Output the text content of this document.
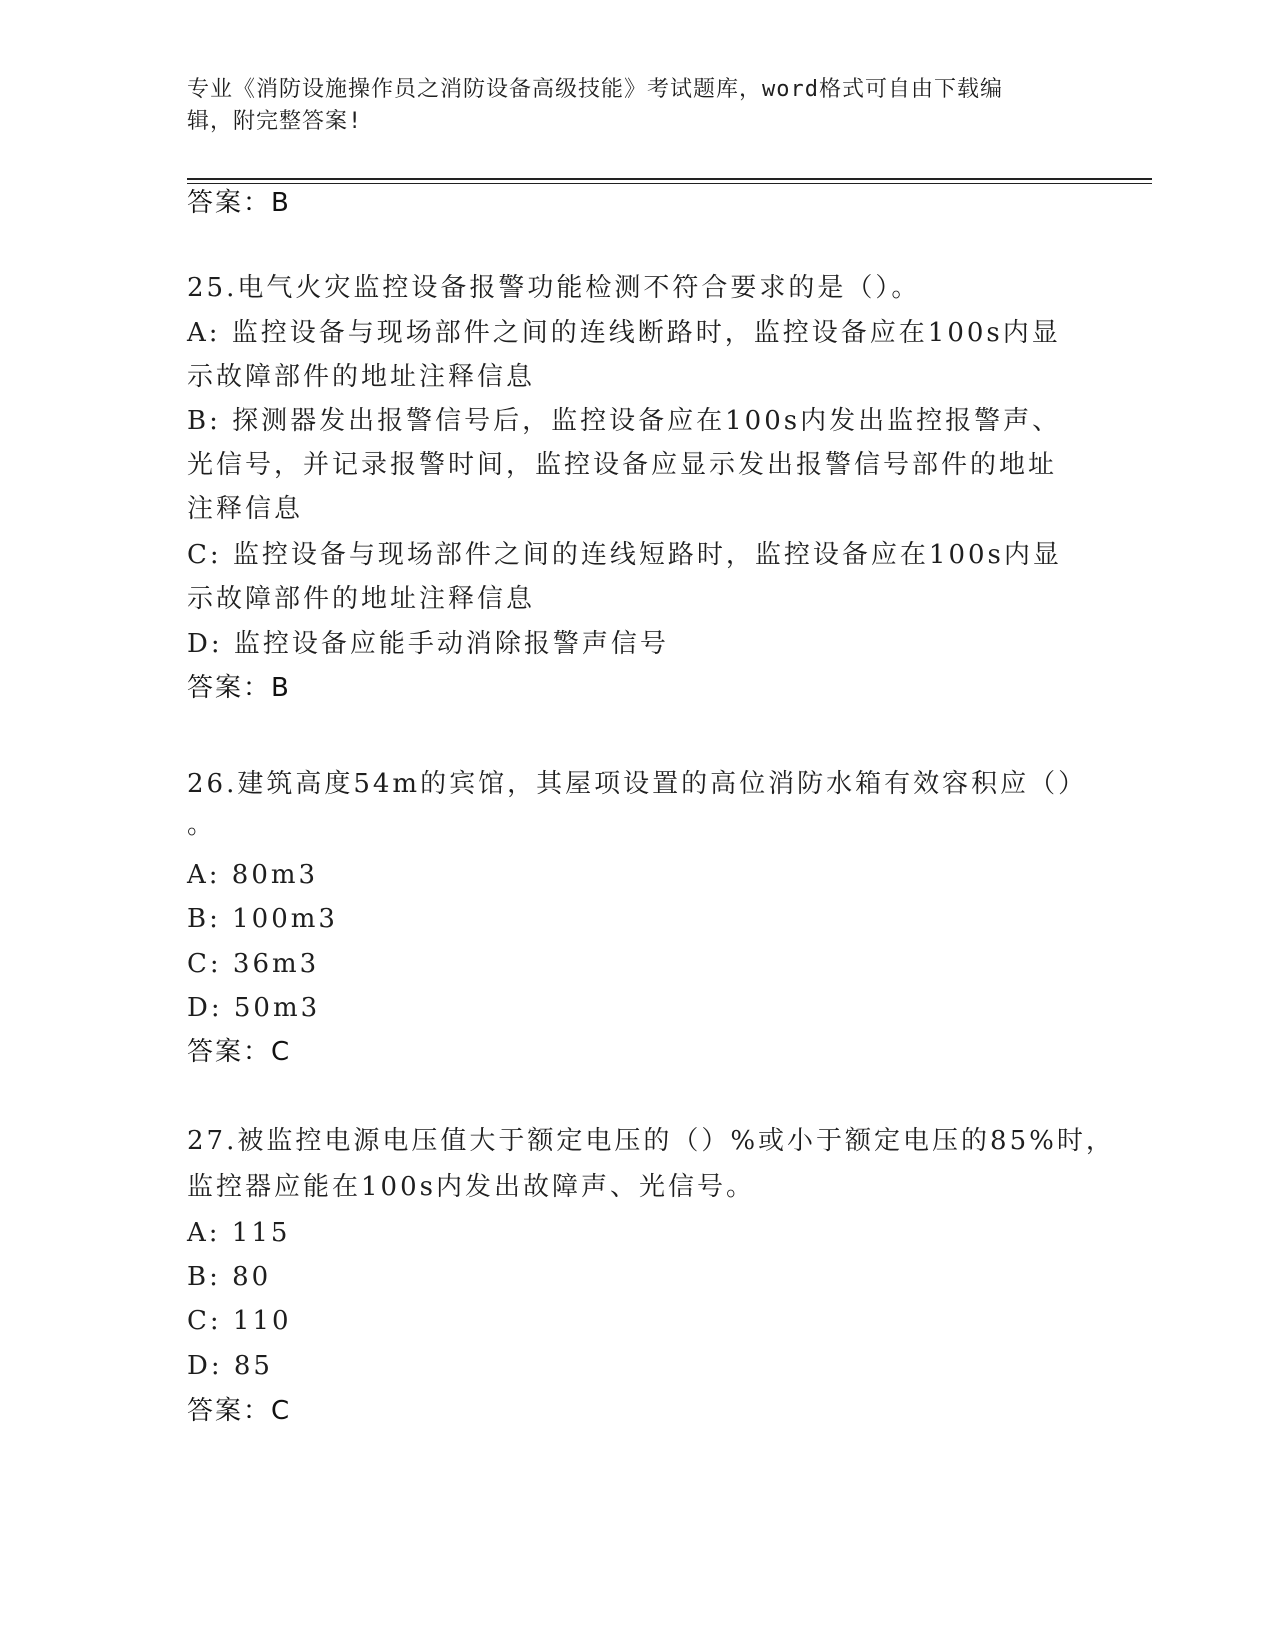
专业《消防设施操作员之消防设备高级技能》考试题库，word格式可自由下载编
辑，附完整答案!
答案：B
25.电气火灾监控设备报警功能检测不符合要求的是（）。
A: 监控设备与现场部件之间的连线断路时，监控设备应在100s内显
示故障部件的地址注释信息
B: 探测器发出报警信号后，监控设备应在100s内发出监控报警声、
光信号，并记录报警时间，监控设备应显示发出报警信号部件的地址
注释信息
C: 监控设备与现场部件之间的连线短路时，监控设备应在100s内显
示故障部件的地址注释信息
D: 监控设备应能手动消除报警声信号
答案：B
26.建筑高度54m的宾馆，其屋项设置的高位消防水箱有效容积应（）
。
A: 80m3
B: 100m3
C: 36m3
D: 50m3
答案：C
27.被监控电源电压值大于额定电压的（）%或小于额定电压的85%时，
监控器应能在100s内发出故障声、光信号。
A: 115
B: 80
C: 110
D: 85
答案：C
